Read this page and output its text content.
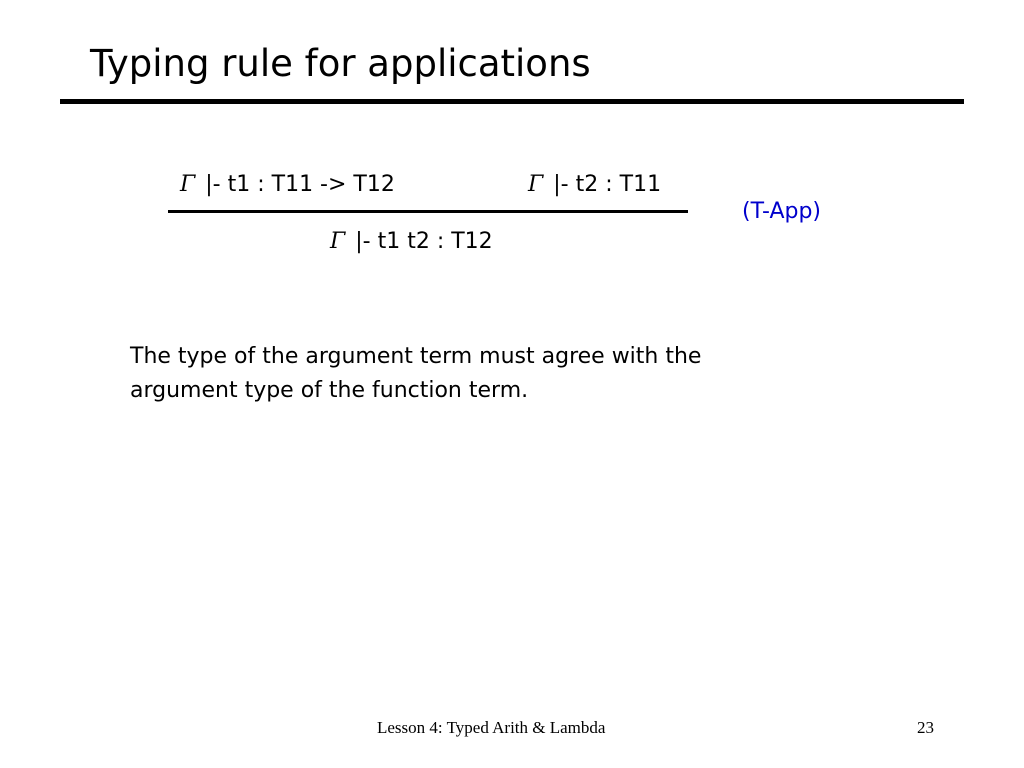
Typing rule for applications
Γ |- t1 : T11 -> T12	Γ |- t2 : T11
Γ |- t1 t2 : T12
(T-App)
The type of the argument term must agree with the
argument type of the function term.
Lesson 4: Typed Arith & Lambda	23
